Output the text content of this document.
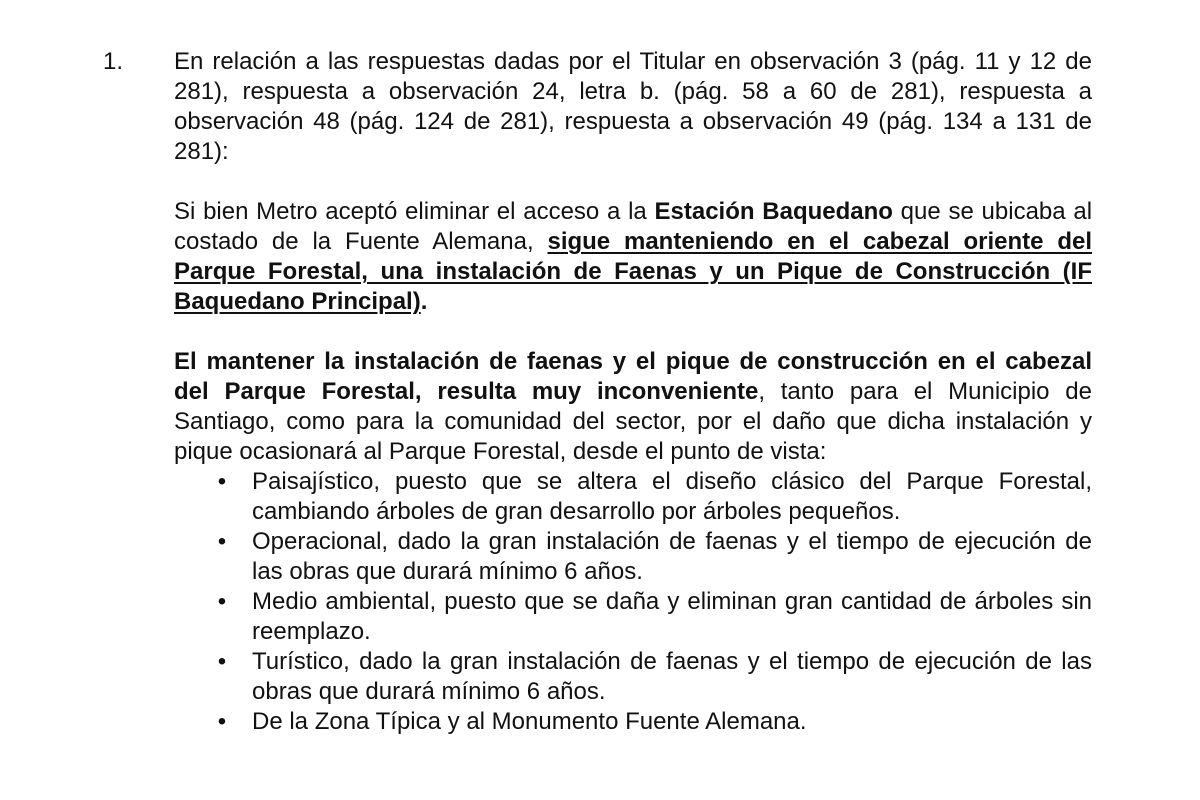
1. En relación a las respuestas dadas por el Titular en observación 3 (pág. 11 y 12 de 281), respuesta a observación 24, letra b. (pág. 58 a 60 de 281), respuesta a observación 48 (pág. 124 de 281), respuesta a observación 49 (pág. 134 a 131 de 281):

Si bien Metro aceptó eliminar el acceso a la Estación Baquedano que se ubicaba al costado de la Fuente Alemana, sigue manteniendo en el cabezal oriente del Parque Forestal, una instalación de Faenas y un Pique de Construcción (IF Baquedano Principal).

El mantener la instalación de faenas y el pique de construcción en el cabezal del Parque Forestal, resulta muy inconveniente, tanto para el Municipio de Santiago, como para la comunidad del sector, por el daño que dicha instalación y pique ocasionará al Parque Forestal, desde el punto de vista:

• Paisajístico, puesto que se altera el diseño clásico del Parque Forestal, cambiando árboles de gran desarrollo por árboles pequeños.
• Operacional, dado la gran instalación de faenas y el tiempo de ejecución de las obras que durará mínimo 6 años.
• Medio ambiental, puesto que se daña y eliminan gran cantidad de árboles sin reemplazo.
• Turístico, dado la gran instalación de faenas y el tiempo de ejecución de las obras que durará mínimo 6 años.
• De la Zona Típica y al Monumento Fuente Alemana.
